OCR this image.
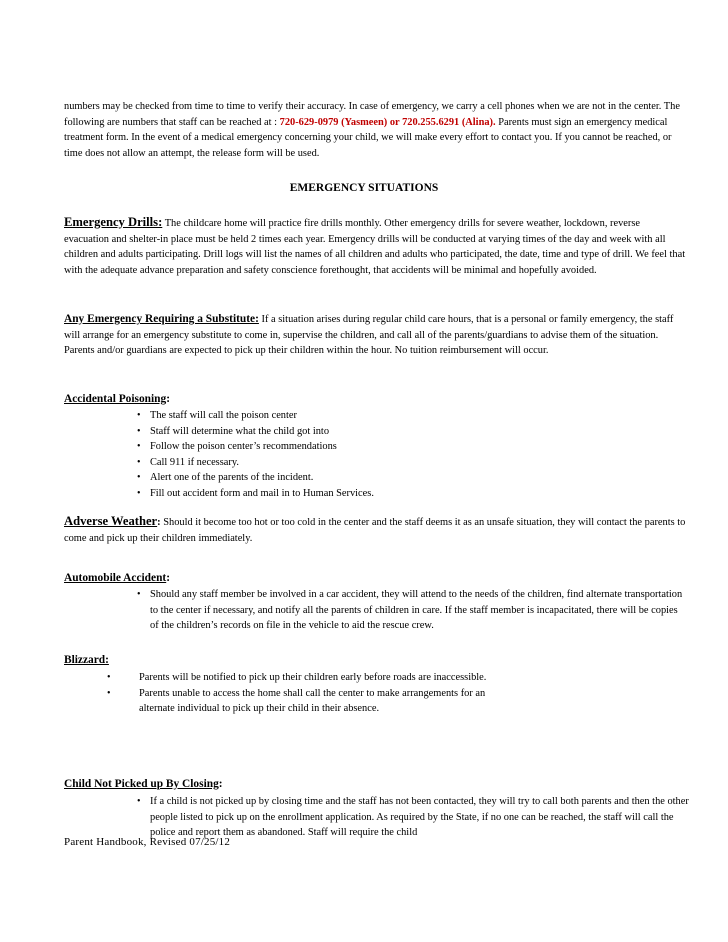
numbers may be checked from time to time to verify their accuracy. In case of emergency, we carry a cell phones when we are not in the center. The following are numbers that staff can be reached at : 720-629-0979 (Yasmeen) or 720.255.6291 (Alina). Parents must sign an emergency medical treatment form. In the event of a medical emergency concerning your child, we will make every effort to contact you. If you cannot be reached, or time does not allow an attempt, the release form will be used.
EMERGENCY SITUATIONS
Emergency Drills: The childcare home will practice fire drills monthly. Other emergency drills for severe weather, lockdown, reverse evacuation and shelter-in place must be held 2 times each year. Emergency drills will be conducted at varying times of the day and week with all children and adults participating. Drill logs will list the names of all children and adults who participated, the date, time and type of drill. We feel that with the adequate advance preparation and safety conscience forethought, that accidents will be minimal and hopefully avoided.
Any Emergency Requiring a Substitute: If a situation arises during regular child care hours, that is a personal or family emergency, the staff will arrange for an emergency substitute to come in, supervise the children, and call all of the parents/guardians to advise them of the situation. Parents and/or guardians are expected to pick up their children within the hour. No tuition reimbursement will occur.
Accidental Poisoning:
• The staff will call the poison center
• Staff will determine what the child got into
• Follow the poison center’s recommendations
• Call 911 if necessary.
• Alert one of the parents of the incident.
• Fill out accident form and mail in to Human Services.
Adverse Weather: Should it become too hot or too cold in the center and the staff deems it as an unsafe situation, they will contact the parents to come and pick up their children immediately.
Automobile Accident:
• Should any staff member be involved in a car accident, they will attend to the needs of the children, find alternate transportation to the center if necessary, and notify all the parents of children in care. If the staff member is incapacitated, there will be copies of the children’s records on file in the vehicle to aid the rescue crew.
Blizzard:
•	Parents will be notified to pick up their children early before roads are inaccessible.
•	Parents unable to access the home shall call the center to make arrangements for an alternate individual to pick up their child in their absence.
Child Not Picked up By Closing:
• If a child is not picked up by closing time and the staff has not been contacted, they will try to call both parents and then the other people listed to pick up on the enrollment application. As required by the State, if no one can be reached, the staff will call the police and report them as abandoned. Staff will require the child
Parent Handbook, Revised 07/25/12
